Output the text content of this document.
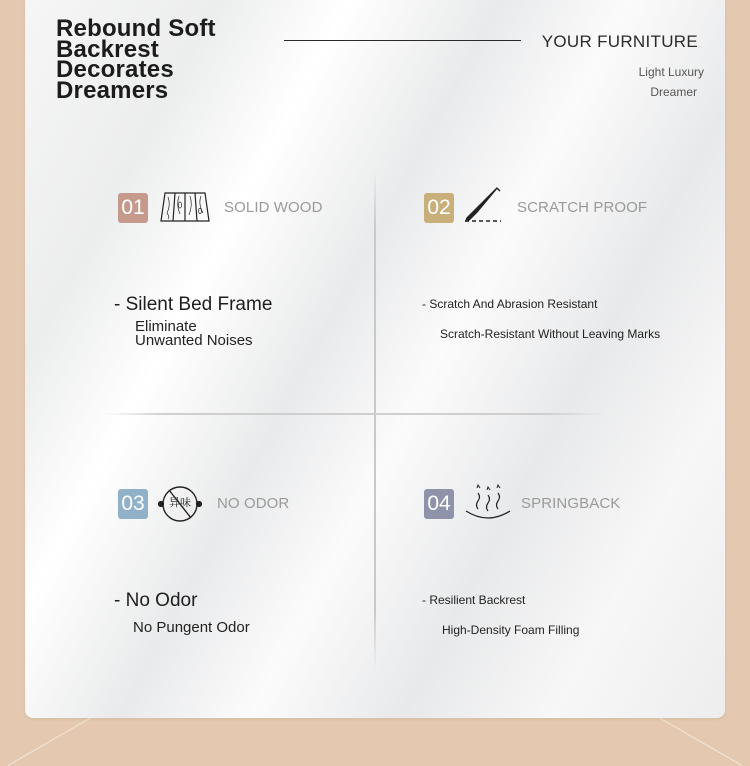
Rebound Soft
Backrest
Decorates
Dreamers
YOUR FURNITURE
Light Luxury
Dreamer
01	SOLID WOOD
- Silent Bed Frame
Eliminate
Unwanted Noises
02	SCRATCH PROOF
- Scratch And Abrasion Resistant
Scratch-Resistant Without Leaving Marks
03	异味 NO ODOR
- No Odor
No Pungent Odor
04	SPRINGBACK
- Resilient Backrest
High-Density Foam Filling
